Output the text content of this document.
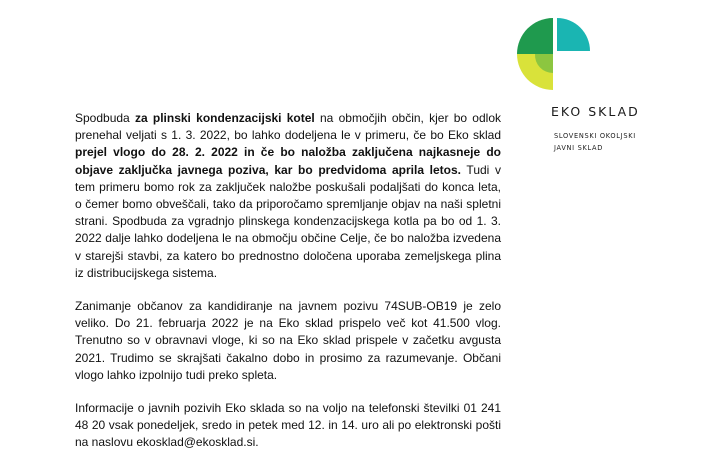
EKO SKLAD
SLOVENSKI OKOLJSKI
JAVNI SKLAD

Spodbuda za plinski kondenzacijski kotel na območjih občin, kjer bo odlok prenehal veljati s 1. 3. 2022, bo lahko dodeljena le v primeru, če bo Eko sklad prejel vlogo do 28. 2. 2022 in če bo naložba zaključena najkasneje do objave zaključka javnega poziva, kar bo predvidoma aprila letos. Tudi v tem primeru bomo rok za zaključek naložbe poskušali podaljšati do konca leta, o čemer bomo obveščali, tako da priporočamo spremljanje objav na naši spletni strani. Spodbuda za vgradnjo plinskega kondenzacijskega kotla pa bo od 1. 3. 2022 dalje lahko dodeljena le na območju občine Celje, če bo naložba izvedena v starejši stavbi, za katero bo prednostno določena uporaba zemeljskega plina iz distribucijskega sistema.

Zanimanje občanov za kandidiranje na javnem pozivu 74SUB-OB19 je zelo veliko. Do 21. februarja 2022 je na Eko sklad prispelo več kot 41.500 vlog. Trenutno so v obravnavi vloge, ki so na Eko sklad prispele v začetku avgusta 2021. Trudimo se skrajšati čakalno dobo in prosimo za razumevanje. Občani vlogo lahko izpolnijo tudi preko spleta.

Informacije o javnih pozivih Eko sklada so na voljo na telefonski številki 01 241 48 20 vsak ponedeljek, sredo in petek med 12. in 14. uro ali po elektronski pošti na naslovu ekosklad@ekosklad.si.
